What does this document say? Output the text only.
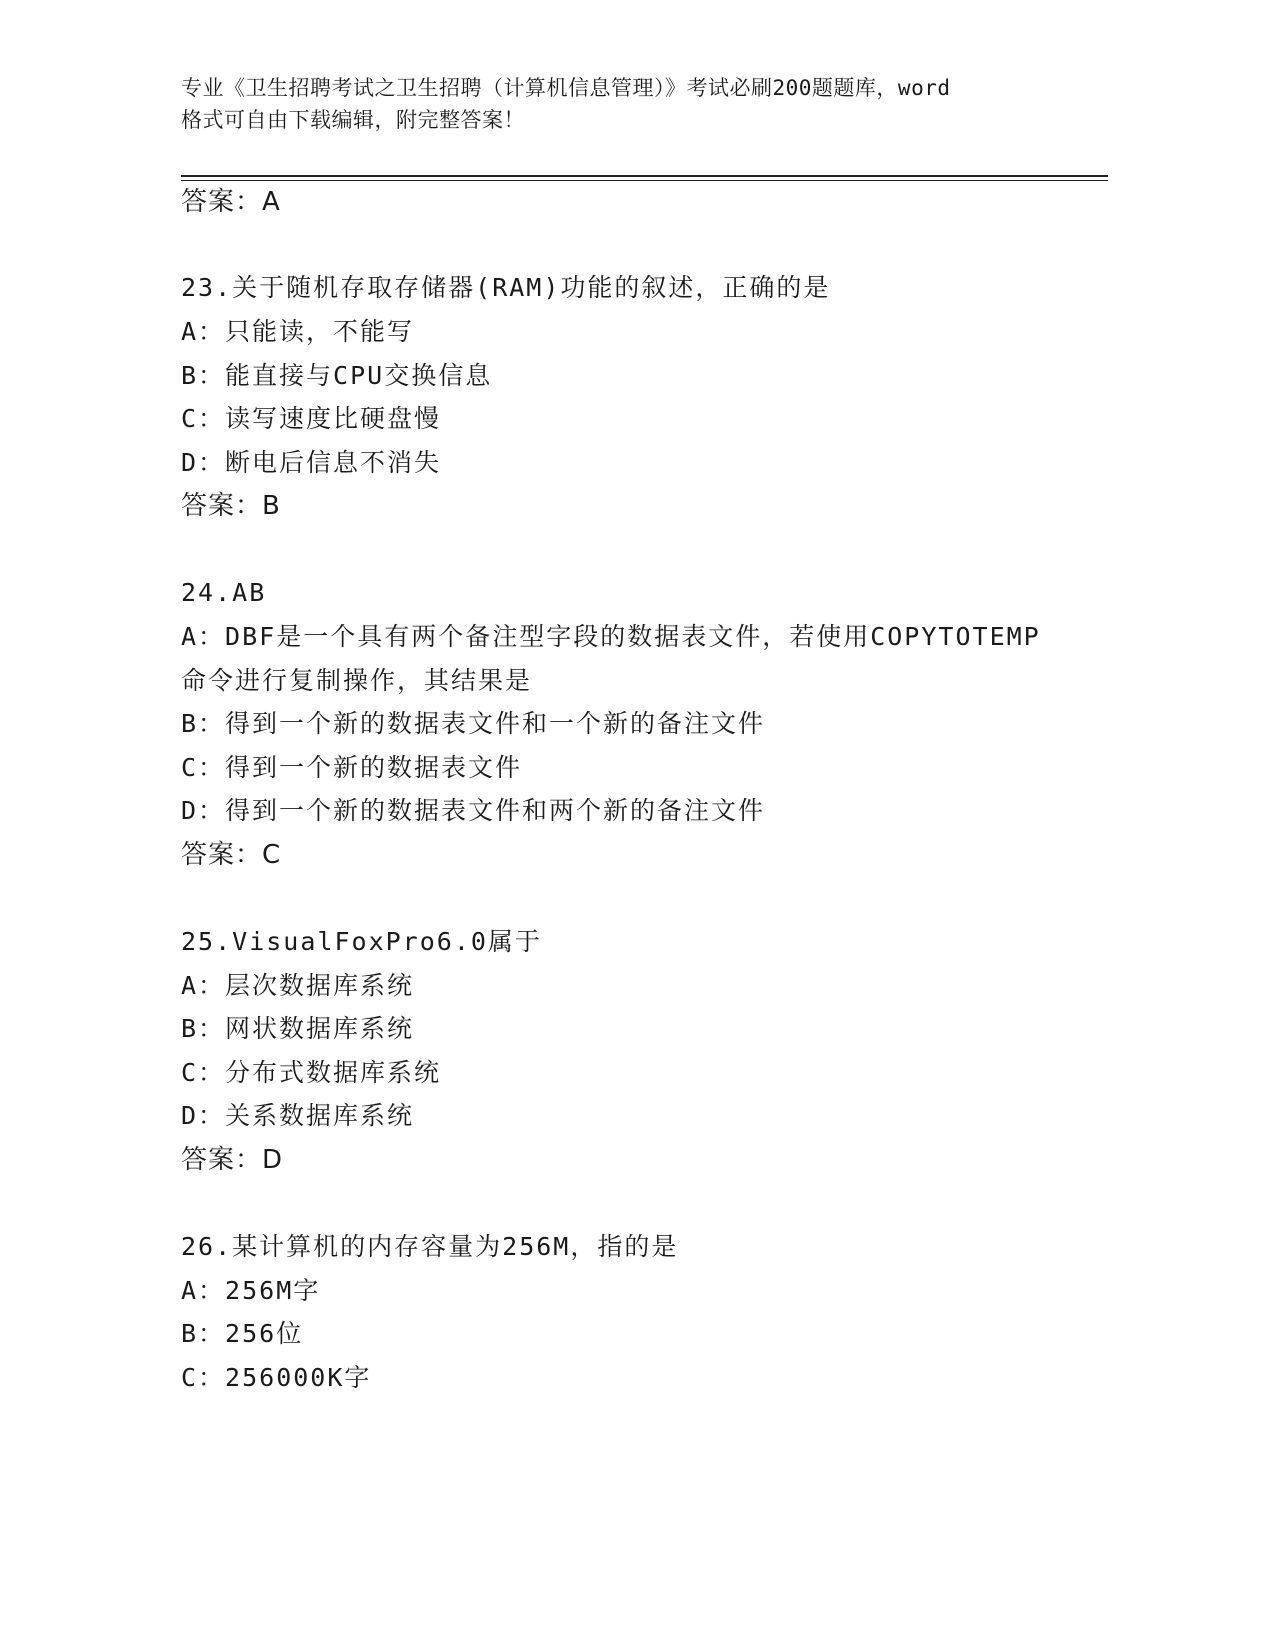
专业《卫生招聘考试之卫生招聘（计算机信息管理）》考试必刷200题题库，word
格式可自由下载编辑，附完整答案！
答案：A
23.关于随机存取存储器(RAM)功能的叙述，正确的是
A：只能读，不能写
B：能直接与CPU交换信息
C：读写速度比硬盘慢
D：断电后信息不消失
答案：B
24.AB
A：DBF是一个具有两个备注型字段的数据表文件，若使用COPYTOTEMP
命令进行复制操作，其结果是
B：得到一个新的数据表文件和一个新的备注文件
C：得到一个新的数据表文件
D：得到一个新的数据表文件和两个新的备注文件
答案：C
25.VisualFoxPro6.0属于
A：层次数据库系统
B：网状数据库系统
C：分布式数据库系统
D：关系数据库系统
答案：D
26.某计算机的内存容量为256M，指的是
A：256M字
B：256位
C：256000K字
